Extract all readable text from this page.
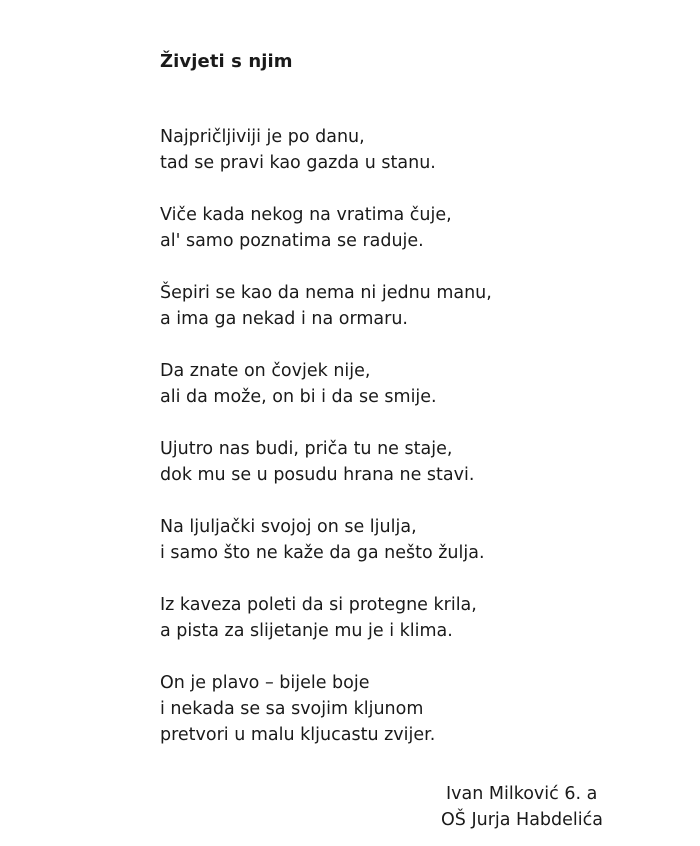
Živjeti s njim
Najpričljiviji je po danu,
tad se pravi kao gazda u stanu.
Viče kada nekog na vratima čuje,
al' samo poznatima se raduje.
Šepiri se kao da nema ni jednu manu,
a ima ga nekad i na ormaru.
Da znate on čovjek nije,
ali da može, on bi i da se smije.
Ujutro nas budi, priča tu ne staje,
dok mu se u posudu hrana ne stavi.
Na ljuljački svojoj on se ljulja,
i samo što ne kaže da ga nešto žulja.
Iz kaveza poleti da si protegne krila,
a pista za slijetanje mu je i klima.
On je plavo – bijele boje
i nekada se sa svojim kljunom
pretvori u malu kljucastu zvijer.
Ivan Milković 6. a
OŠ Jurja Habdelića
